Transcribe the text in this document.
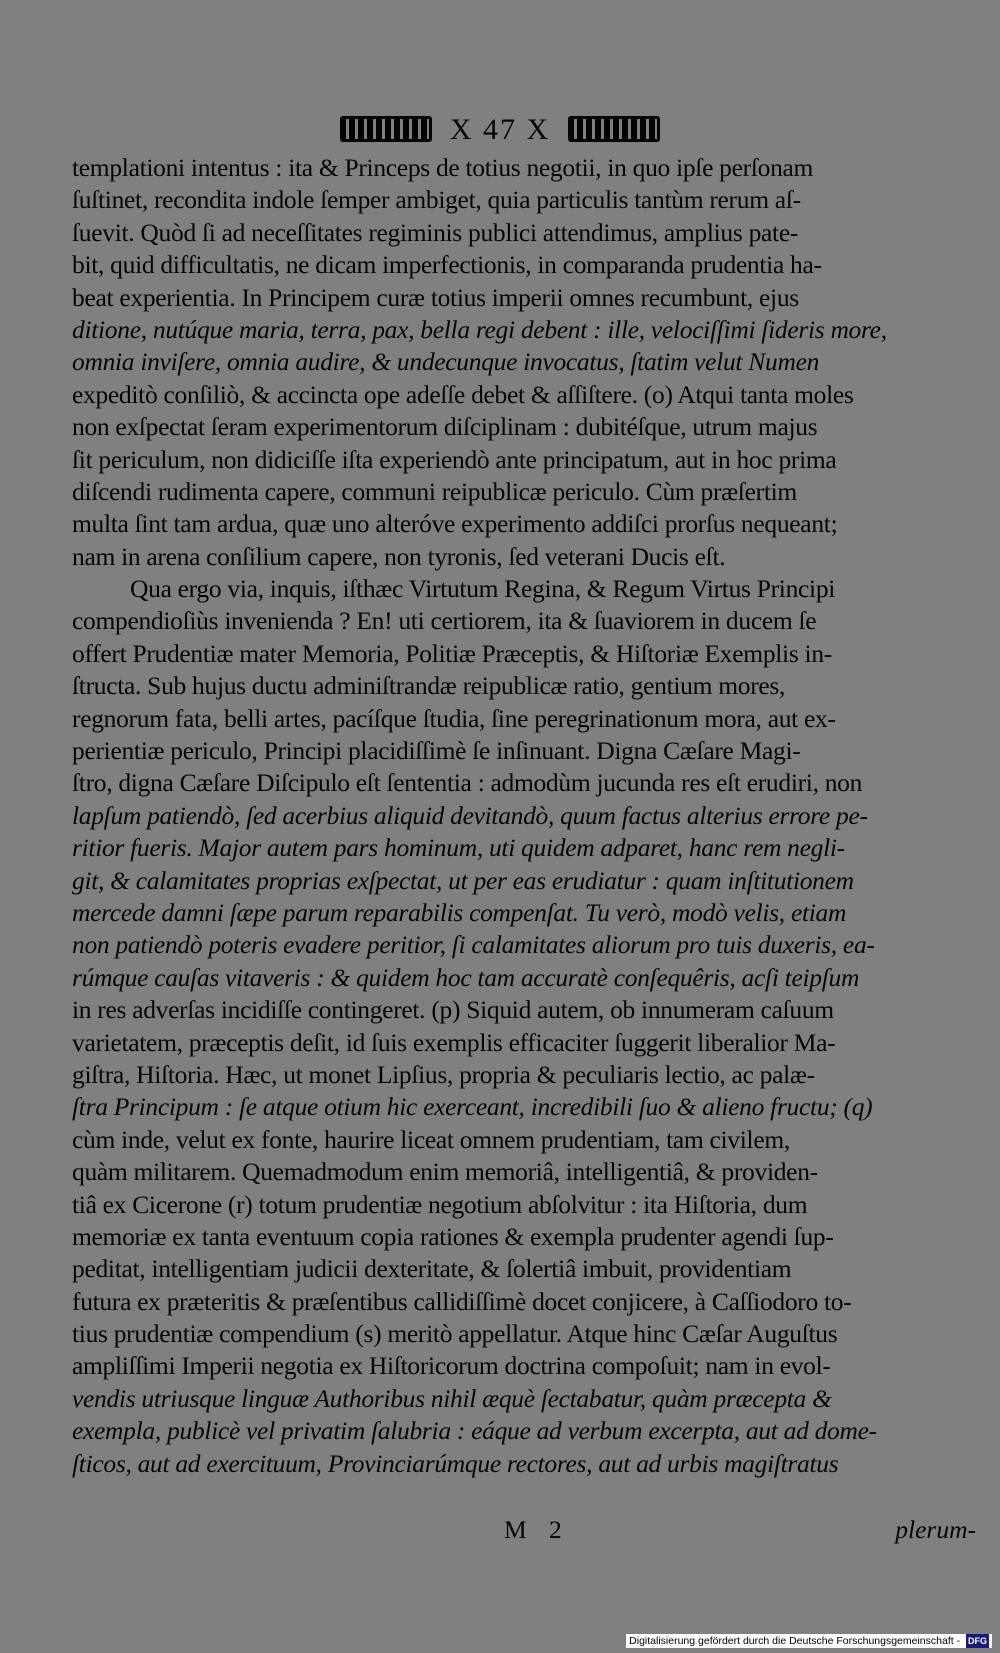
X 47 X
templationi intentus : ita & Princeps de totius negotii, in quo ipſe perſonam
ſuſtinet, recondita indole ſemper ambiget, quia particulis tantùm rerum aſ-
ſuevit. Quòd ſi ad neceſſitates regiminis publici attendimus, amplius pate-
bit, quid difficultatis, ne dicam imperfectionis, in comparanda prudentia ha-
beat experientia. In Principem curæ totius imperii omnes recumbunt, ejus
ditione, nutúque maria, terra, pax, bella regi debent : ille, velociſſimi ſideris more,
omnia inviſere, omnia audire, & undecunque invocatus, ſtatim velut Numen
expeditò conſiliò, & accincta ope adeſſe debet & aſſiſtere. (o) Atqui tanta moles
non exſpectat ſeram experimentorum diſciplinam : dubitéſque, utrum majus
ſit periculum, non didiciſſe iſta experiendò ante principatum, aut in hoc prima
diſcendi rudimenta capere, communi reipublicæ periculo. Cùm præſertim
multa ſint tam ardua, quæ uno alteróve experimento addiſci prorſus nequeant;
nam in arena conſilium capere, non tyronis, ſed veterani Ducis eſt.
Qua ergo via, inquis, iſthæc Virtutum Regina, & Regum Virtus Principi
compendioſiùs invenienda ? En! uti certiorem, ita & ſuaviorem in ducem ſe
offert Prudentiæ mater Memoria, Politiæ Præceptis, & Hiſtoriæ Exemplis in-
ſtructa. Sub hujus ductu adminiſtrandæ reipublicæ ratio, gentium mores,
regnorum fata, belli artes, pacíſque ſtudia, ſine peregrinationum mora, aut ex-
perientiæ periculo, Principi placidiſſimè ſe inſinuant. Digna Cæſare Magi-
ſtro, digna Cæſare Diſcipulo eſt ſententia : admodùm jucunda res eſt erudiri, non
lapſum patiendò, ſed acerbius aliquid devitandò, quum factus alterius errore pe-
ritior fueris. Major autem pars hominum, uti quidem adparet, hanc rem negli-
git, & calamitates proprias exſpectat, ut per eas erudiatur : quam inſtitutionem
mercede damni ſæpe parum reparabilis compenſat. Tu verò, modò velis, etiam
non patiendò poteris evadere peritior, ſi calamitates aliorum pro tuis duxeris, ea-
rúmque cauſas vitaveris : & quidem hoc tam accuratè conſequêris, acſi teipſum
in res adverſas incidiſſe contingeret. (p) Siquid autem, ob innumeram caſuum
varietatem, præceptis deſit, id ſuis exemplis efficaciter ſuggerit liberalior Ma-
giſtra, Hiſtoria. Hæc, ut monet Lipſius, propria & peculiaris lectio, ac palæ-
ſtra Principum : ſe atque otium hic exerceant, incredibili ſuo & alieno fructu; (q)
cùm inde, velut ex fonte, haurire liceat omnem prudentiam, tam civilem,
quàm militarem. Quemadmodum enim memoriâ, intelligentiâ, & providen-
tiâ ex Cicerone (r) totum prudentiæ negotium abſolvitur : ita Hiſtoria, dum
memoriæ ex tanta eventuum copia rationes & exempla prudenter agendi ſup-
peditat, intelligentiam judicii dexteritate, & ſolertiâ imbuit, providentiam
futura ex præteritis & præſentibus callidiſſimè docet conjicere, à Caſſiodoro to-
tius prudentiæ compendium (s) meritò appellatur. Atque hinc Cæſar Auguſtus
ampliſſimi Imperii negotia ex Hiſtoricorum doctrina compoſuit; nam in evol-
vendis utriusque linguæ Authoribus nihil æquè ſectabatur, quàm præcepta &
exempla, publicè vel privatim ſalubria : eáque ad verbum excerpta, aut ad dome-
ſticos, aut ad exercituum, Provinciarúmque rectores, aut ad urbis magiſtratus
M 2	plerum-
Digitalisierung gefördert durch die Deutsche Forschungsgemeinschaft - DFG
